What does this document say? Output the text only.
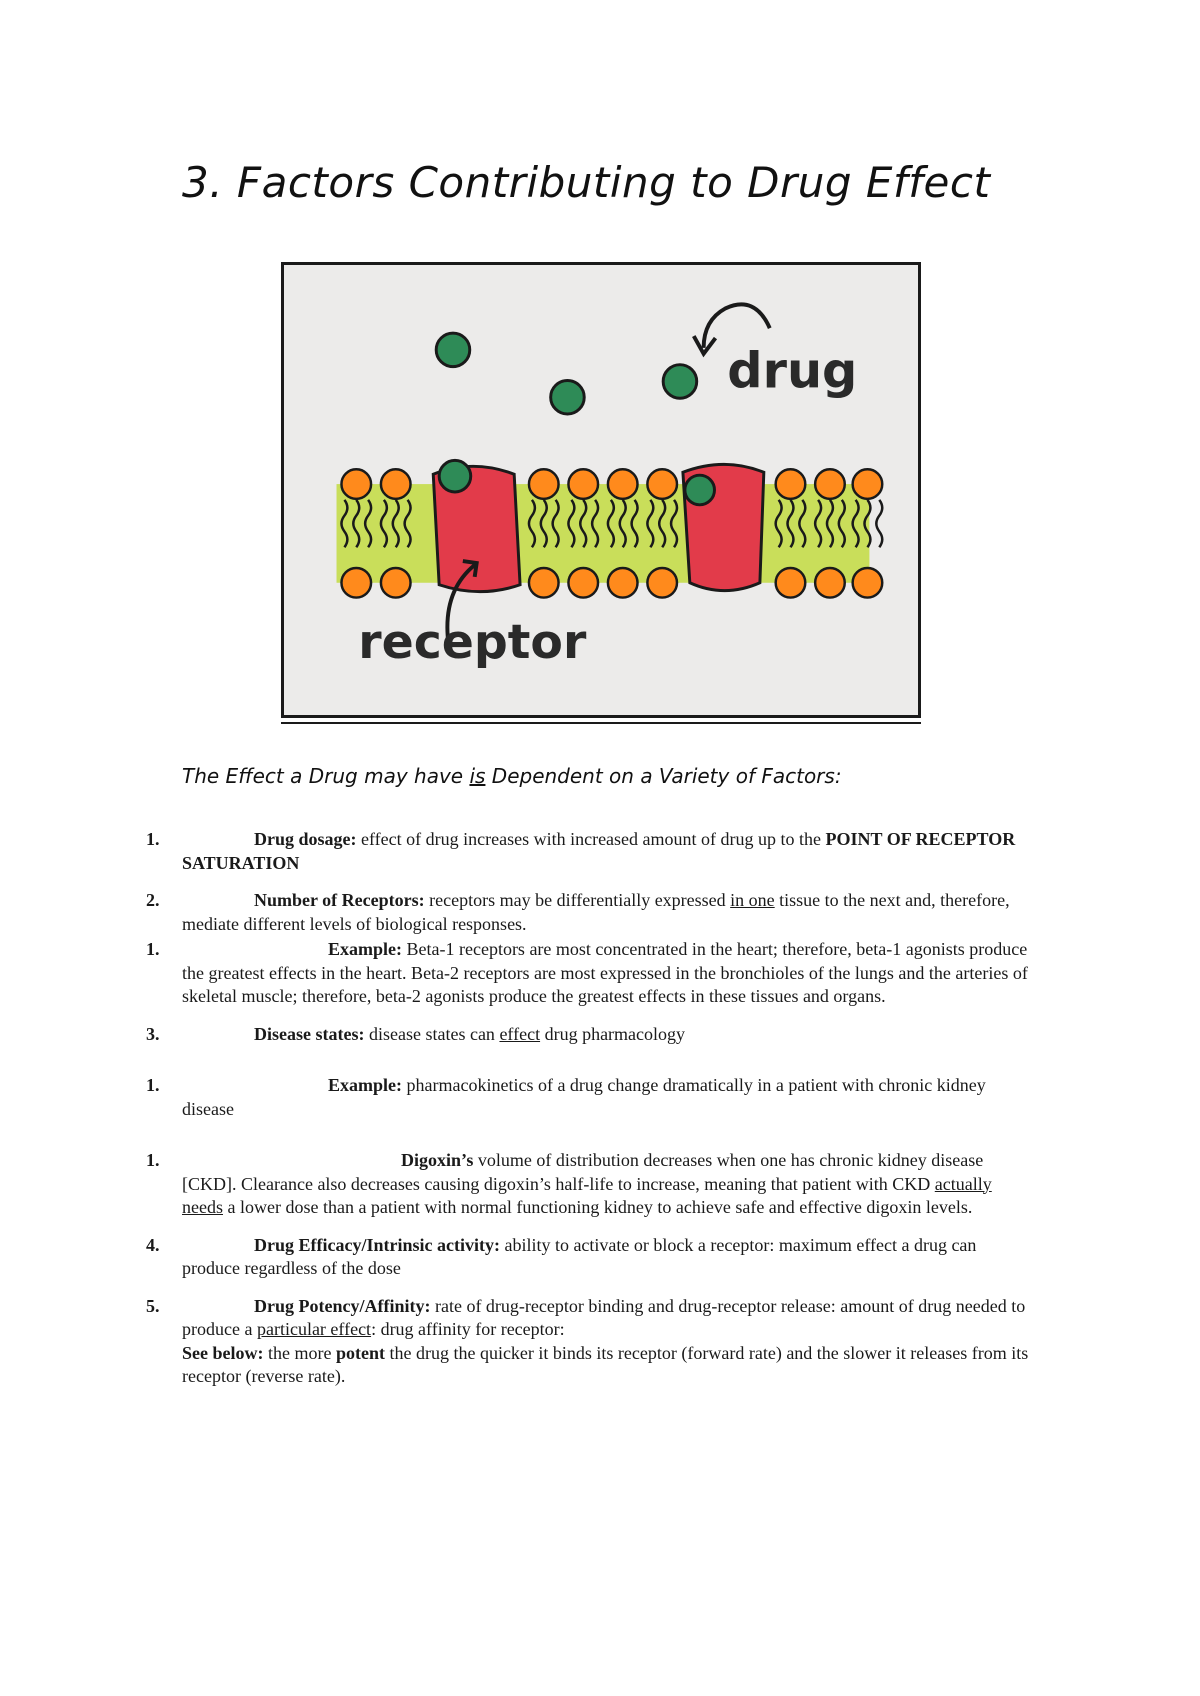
3. Factors Contributing to Drug Effect
drug
receptor
The Effect a Drug may have is Dependent on a Variety of Factors:
1.	Drug dosage: effect of drug increases with increased amount of drug up to the POINT OF RECEPTOR SATURATION
2.	Number of Receptors: receptors may be differentially expressed in one tissue to the next and, therefore, mediate different levels of biological responses.
1.	Example: Beta-1 receptors are most concentrated in the heart; therefore, beta-1 agonists produce the greatest effects in the heart. Beta-2 receptors are most expressed in the bronchioles of the lungs and the arteries of skeletal muscle; therefore, beta-2 agonists produce the greatest effects in these tissues and organs.
3.	Disease states: disease states can effect drug pharmacology
1.	Example: pharmacokinetics of a drug change dramatically in a patient with chronic kidney disease
1.	Digoxin’s volume of distribution decreases when one has chronic kidney disease [CKD]. Clearance also decreases causing digoxin’s half-life to increase, meaning that patient with CKD actually needs a lower dose than a patient with normal functioning kidney to achieve safe and effective digoxin levels.
4.	Drug Efficacy/Intrinsic activity: ability to activate or block a receptor: maximum effect a drug can produce regardless of the dose
5.	Drug Potency/Affinity: rate of drug-receptor binding and drug-receptor release: amount of drug needed to produce a particular effect: drug affinity for receptor:
See below: the more potent the drug the quicker it binds its receptor (forward rate) and the slower it releases from its receptor (reverse rate).
